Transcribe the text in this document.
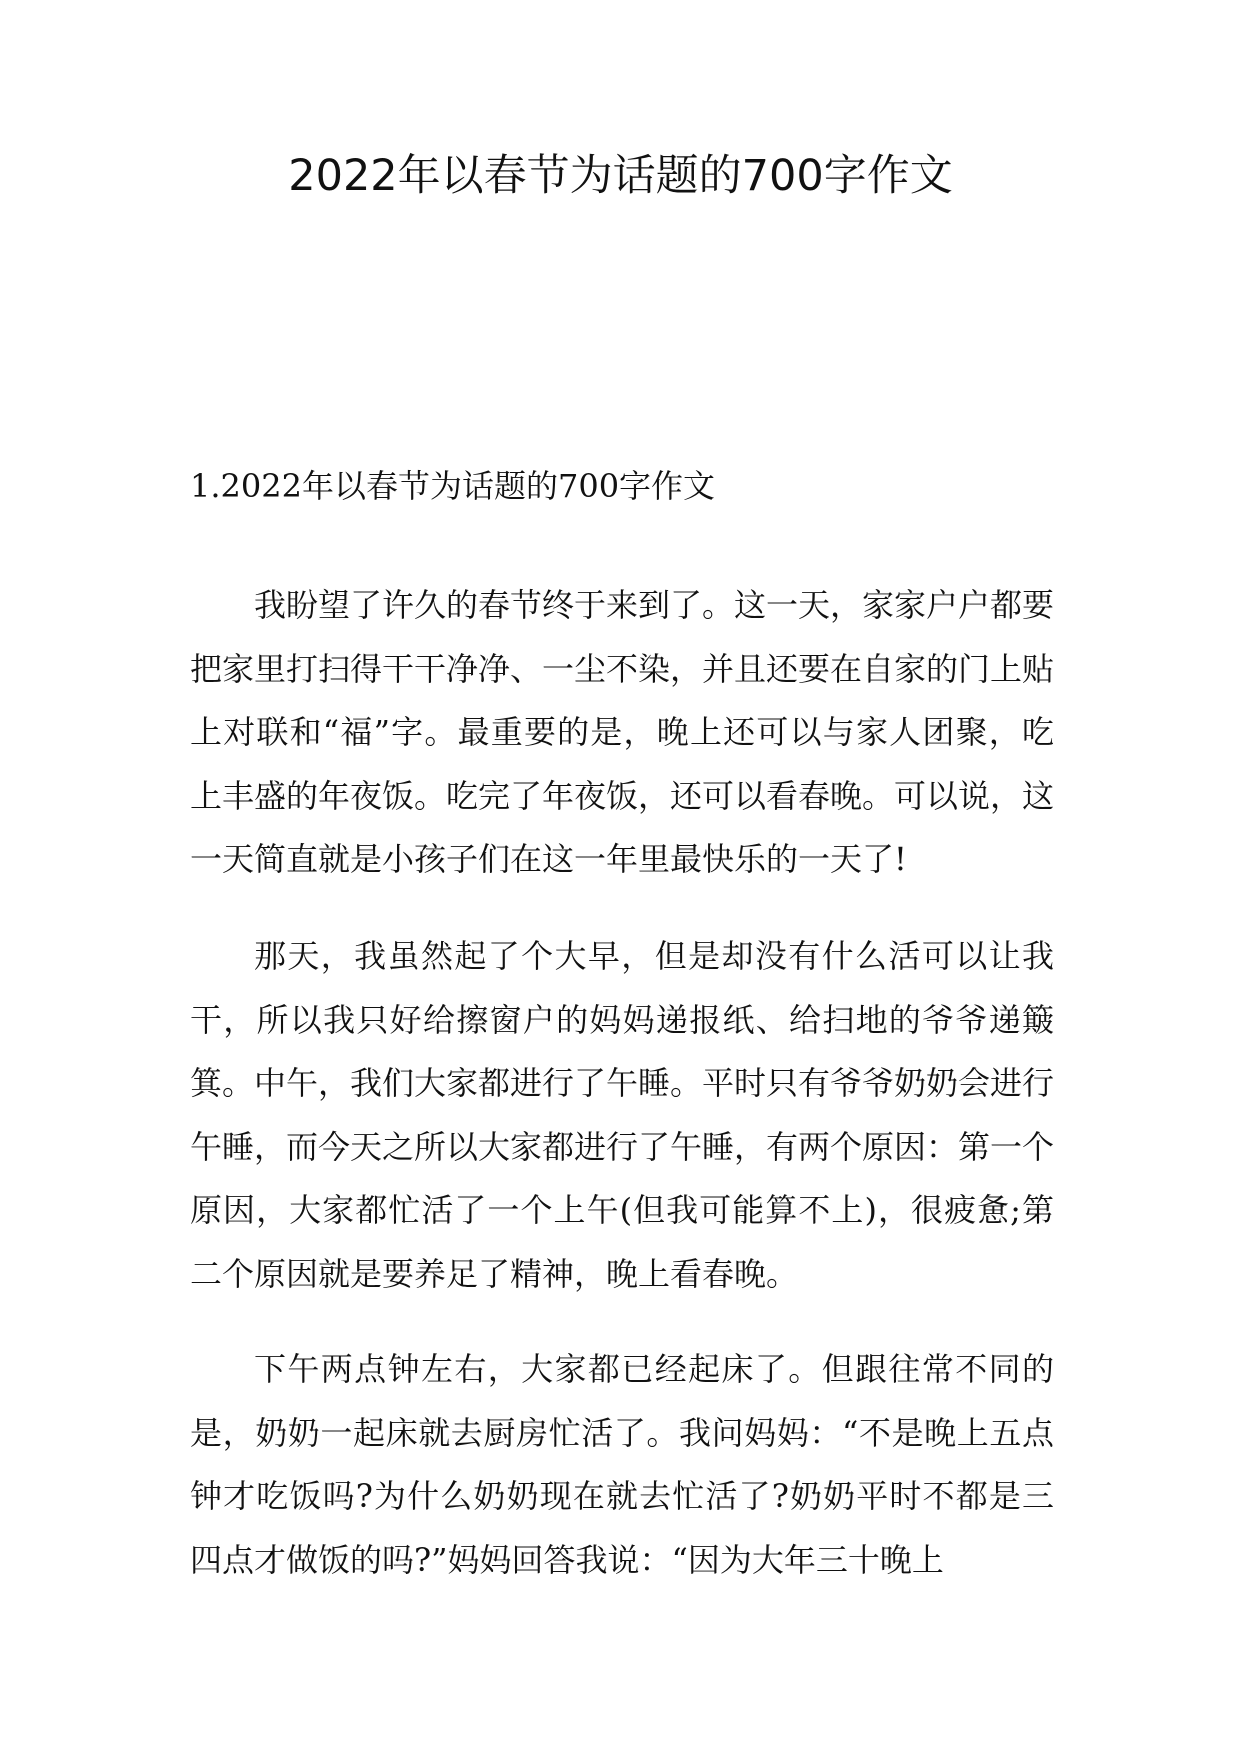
2022年以春节为话题的700字作文
1.2022年以春节为话题的700字作文

我盼望了许久的春节终于来到了。这一天，家家户户都要把家里打扫得干干净净、一尘不染，并且还要在自家的门上贴上对联和“福”字。最重要的是，晚上还可以与家人团聚，吃上丰盛的年夜饭。吃完了年夜饭，还可以看春晚。可以说，这一天简直就是小孩子们在这一年里最快乐的一天了!

那天，我虽然起了个大早，但是却没有什么活可以让我干，所以我只好给擦窗户的妈妈递报纸、给扫地的爷爷递簸箕。中午，我们大家都进行了午睡。平时只有爷爷奶奶会进行午睡，而今天之所以大家都进行了午睡，有两个原因：第一个原因，大家都忙活了一个上午(但我可能算不上)，很疲惫;第二个原因就是要养足了精神，晚上看春晚。

下午两点钟左右，大家都已经起床了。但跟往常不同的是，奶奶一起床就去厨房忙活了。我问妈妈：“不是晚上五点钟才吃饭吗?为什么奶奶现在就去忙活了?奶奶平时不都是三四点才做饭的吗?”妈妈回答我说：“因为大年三十晚上
